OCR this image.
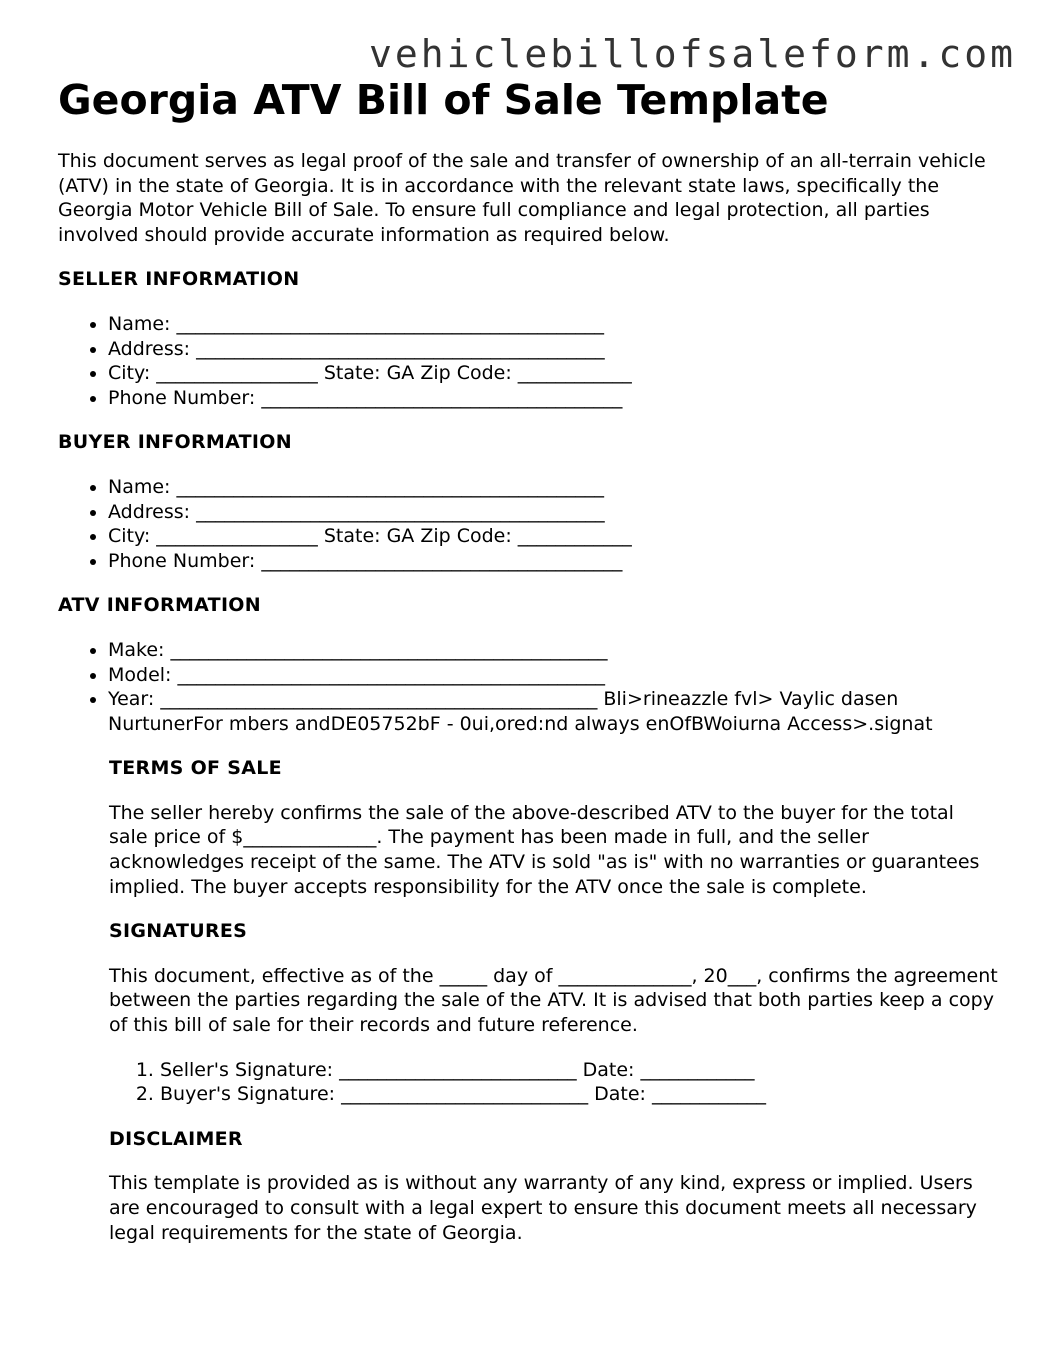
vehiclebillofsaleform.com
Georgia ATV Bill of Sale Template
This document serves as legal proof of the sale and transfer of ownership of an all-terrain vehicle (ATV) in the state of Georgia. It is in accordance with the relevant state laws, specifically the Georgia Motor Vehicle Bill of Sale. To ensure full compliance and legal protection, all parties involved should provide accurate information as required below.
SELLER INFORMATION
• Name: _____________________________________________
• Address: ___________________________________________
• City: _________________ State: GA Zip Code: ____________
• Phone Number: ______________________________________
BUYER INFORMATION
• Name: _____________________________________________
• Address: ___________________________________________
• City: _________________ State: GA Zip Code: ____________
• Phone Number: ______________________________________
ATV INFORMATION
• Make: ______________________________________________
• Model: _____________________________________________
• Year: ______________________________________________ Bli>rineazzle fvl> Vaylic dasen NurtunerFor mbers andDE05752bF - 0ui,ored:nd always enOfBWoiurna Access>.signat
TERMS OF SALE

The seller hereby confirms the sale of the above-described ATV to the buyer for the total sale price of $______________. The payment has been made in full, and the seller acknowledges receipt of the same. The ATV is sold "as is" with no warranties or guarantees implied. The buyer accepts responsibility for the ATV once the sale is complete.

SIGNATURES

This document, effective as of the _____ day of ______________, 20___, confirms the agreement between the parties regarding the sale of the ATV. It is advised that both parties keep a copy of this bill of sale for their records and future reference.

1. Seller's Signature: _________________________ Date: ____________
2. Buyer's Signature: __________________________ Date: ____________
DISCLAIMER

This template is provided as is without any warranty of any kind, express or implied. Users are encouraged to consult with a legal expert to ensure this document meets all necessary legal requirements for the state of Georgia.
